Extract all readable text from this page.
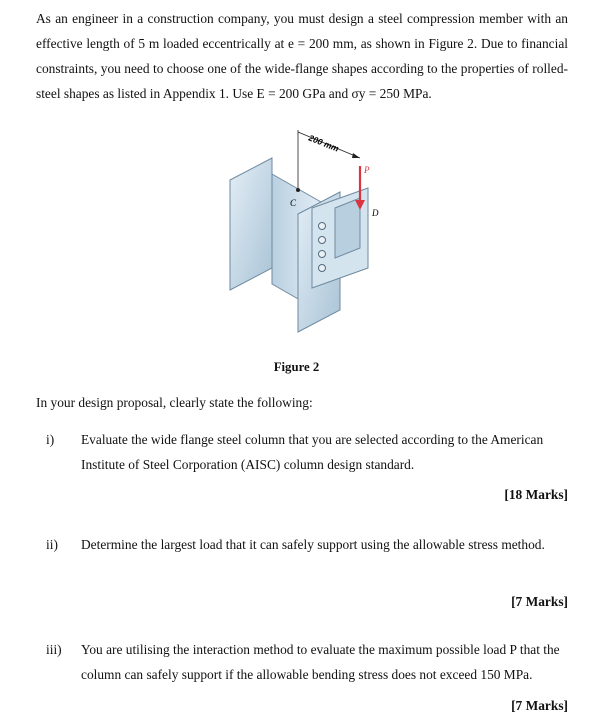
As an engineer in a construction company, you must design a steel compression member with an effective length of 5 m loaded eccentrically at e = 200 mm, as shown in Figure 2. Due to financial constraints, you need to choose one of the wide-flange shapes according to the properties of rolled-steel shapes as listed in Appendix 1. Use E = 200 GPa and σy = 250 MPa.

200 mm
P
C
D
Figure 2
In your design proposal, clearly state the following:
i) Evaluate the wide flange steel column that you are selected according to the American Institute of Steel Corporation (AISC) column design standard.
[18 Marks]
ii) Determine the largest load that it can safely support using the allowable stress method.
[7 Marks]
iii) You are utilising the interaction method to evaluate the maximum possible load P that the column can safely support if the allowable bending stress does not exceed 150 MPa.
[7 Marks]
